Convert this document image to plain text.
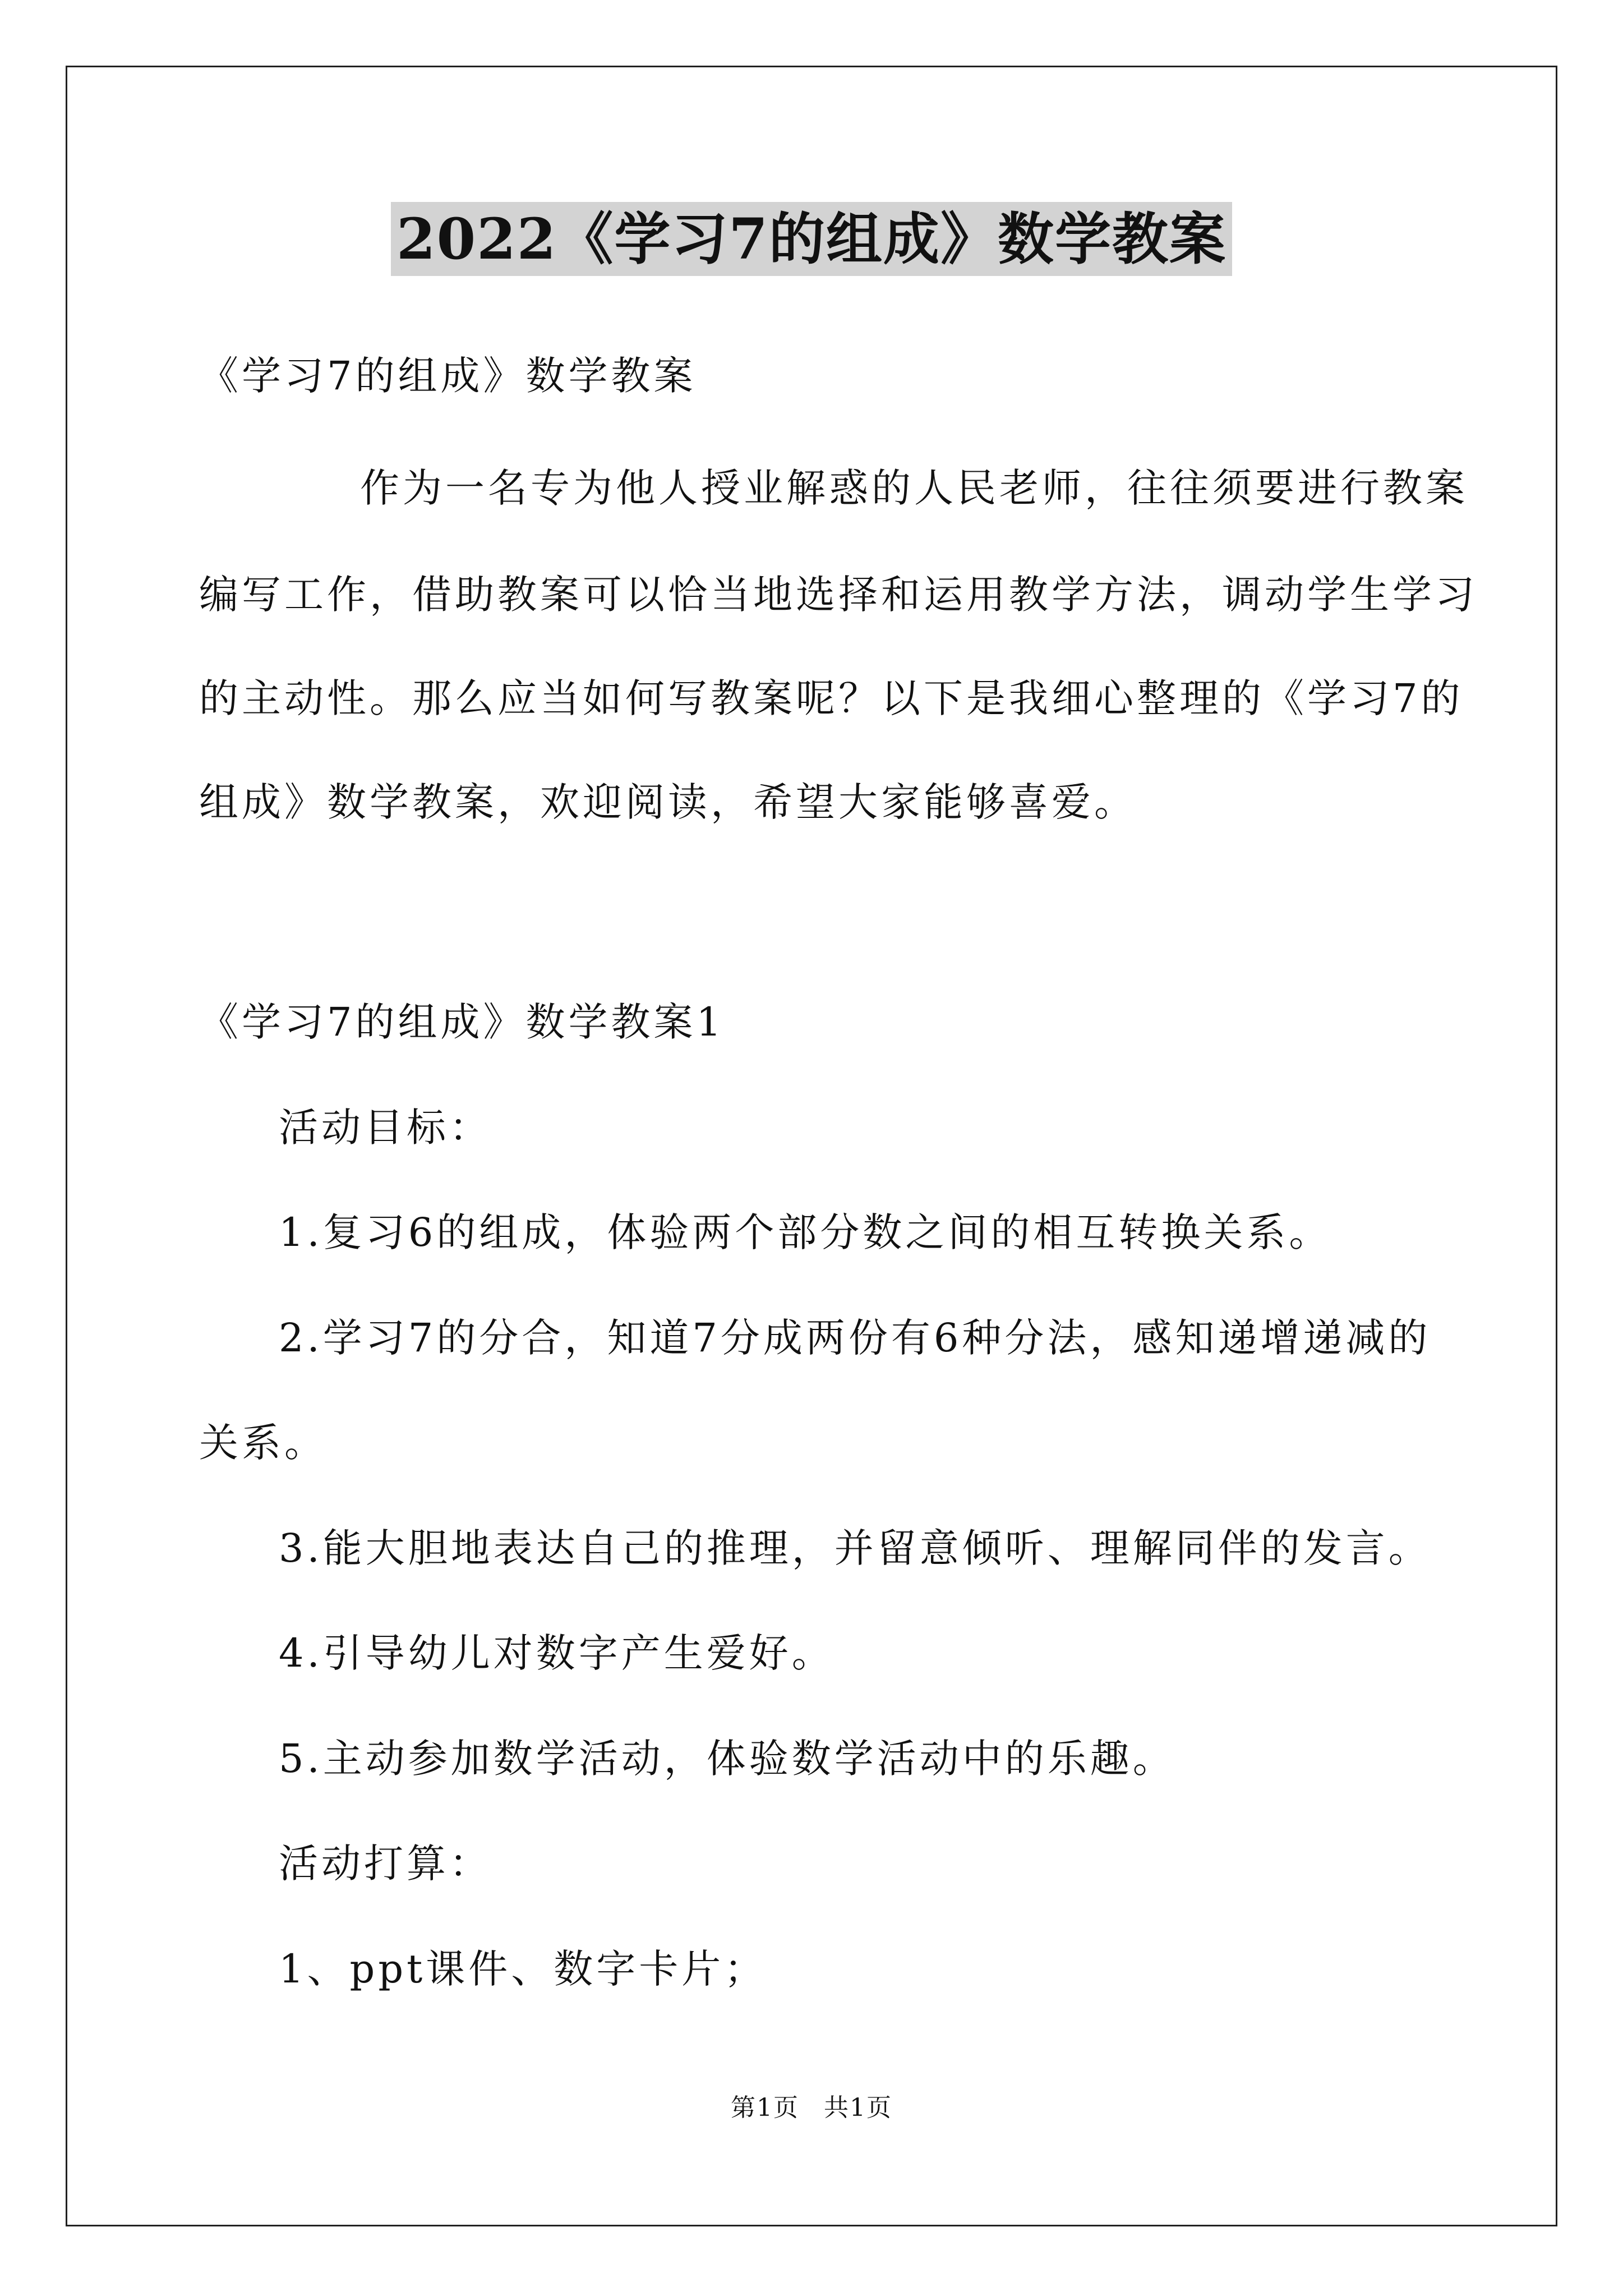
2022《学习7的组成》数学教案
《学习7的组成》数学教案
作为一名专为他人授业解惑的人民老师，往往须要进行教案
编写工作，借助教案可以恰当地选择和运用教学方法，调动学生学习
的主动性。那么应当如何写教案呢？以下是我细心整理的《学习7的
组成》数学教案，欢迎阅读，希望大家能够喜爱。
《学习7的组成》数学教案1
活动目标：
1.复习6的组成，体验两个部分数之间的相互转换关系。
2.学习7的分合，知道7分成两份有6种分法，感知递增递减的
关系。
3.能大胆地表达自己的推理，并留意倾听、理解同伴的发言。
4.引导幼儿对数字产生爱好。
5.主动参加数学活动，体验数学活动中的乐趣。
活动打算：
1、ppt课件、数字卡片；
第1页 共1页
